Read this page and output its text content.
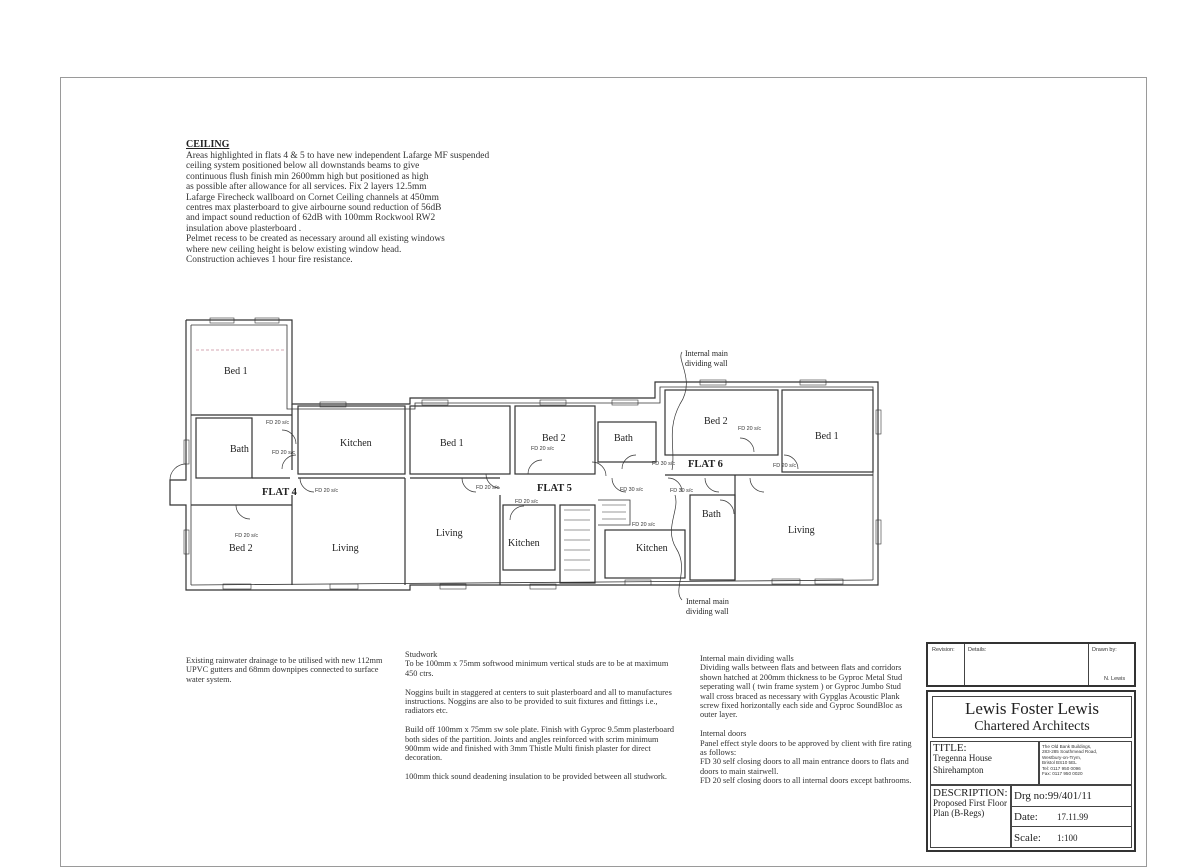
CEILING
Areas highlighted in flats 4 & 5 to have new independent Lafarge MF suspended
ceiling system positioned below all downstands beams to give
continuous flush finish min 2600mm high but positioned as high
as possible after allowance for all services. Fix 2 layers 12.5mm
Lafarge Firecheck wallboard on Cornet Ceiling channels at 450mm
centres max plasterboard to give airbourne sound reduction of 56dB
and impact sound reduction of 62dB with 100mm Rockwool RW2
insulation above plasterboard .
Pelmet recess to be created as necessary around all existing windows
where new ceiling height is below existing window head.
Construction achieves 1 hour fire resistance.
Bed 1
Bath
Kitchen
Bed 2	Living
Bed 1	Bed 2
Living
Kitchen
Bath
Bed 2
Bed 1
Kitchen
Bath
Living
FLAT 4	FLAT 5
FLAT 6
FD 20 s/c
FD 20 s/c
FD 20 s/c
FD 20 s/c
FD 20 s/c
FD 20 s/c
FD 20 s/c
FD 30 s/c
FD 20 s/c
FD 30 s/c
FD 20 s/c
FD 20 s/c
FD 30 s/c
Internal main
dividing wall
Internal main
dividing wall
Existing rainwater drainage to be utilised with new 112mm
UPVC gutters and 68mm downpipes connected to surface
water system.
Studwork
To be 100mm x 75mm softwood minimum vertical studs are to be at maximum
450 ctrs.

Noggins built in staggered at centers to suit plasterboard and all to manufactures
instructions. Noggins are also to be provided to suit fixtures and fittings i.e.,
radiators etc.

Build off 100mm x 75mm sw sole plate. Finish with Gyproc 9.5mm plasterboard
both sides of the partition. Joints and angles reinforced with scrim minimum
900mm wide and finished with 3mm Thistle Multi finish plaster for direct
decoration.

100mm thick sound deadening insulation to be provided between all studwork.
Internal main dividing walls
Dividing walls between flats and between flats and corridors
shown hatched at 200mm thickness to be Gyproc Metal Stud
seperating wall ( twin frame system ) or Gyproc Jumbo Stud
wall cross braced as necessary with Gypglas Acoustic Plank
screw fixed horizontally each side and Gyproc SoundBloc as
outer layer.

Internal doors
Panel effect style doors to be approved by client with fire rating
as follows:
FD 30 self closing doors to all main entrance doors to flats and
doors to main stairwell.
FD 20 self closing doors to all internal doors except bathrooms.
Revision: Details:	Drawn by:
N. Lewis
Lewis Foster Lewis
Chartered Architects
TITLE:
Tregenna House
Shirehampton
The Old Bank Buildings,
283-285 Southmead Road,
Westbury-on-Trym,
Bristol BS10 5EL
Tel: 0117 950 0096
Fax: 0117 950 0020
DESCRIPTION:
Proposed First Floor
Plan (B-Regs)
Drg no:99/401/11
Date: 17.11.99
Scale: 1:100
